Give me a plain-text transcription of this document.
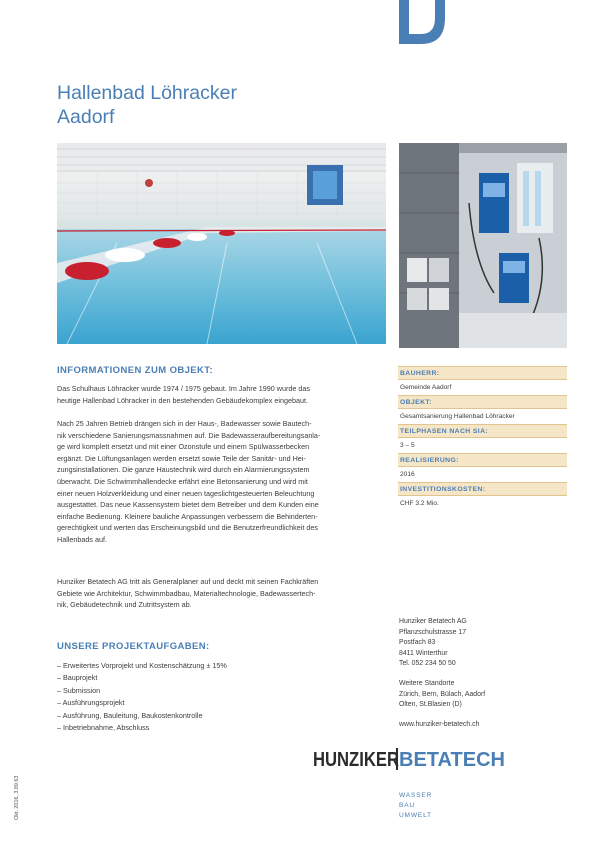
Hallenbad Löhracker
Aadorf
INFORMATIONEN ZUM OBJEKT:
Das Schulhaus Löhracker wurde 1974 / 1975 gebaut. Im Jahre 1990 wurde das
heutige Hallenbad Löhracker in den bestehenden Gebäudekomplex eingebaut.
Nach 25 Jahren Betrieb drängen sich in der Haus-, Badewasser sowie Bautech-
nik verschiedene Sanierungsmassnahmen auf. Die Badewasseraufbereitungsanla-
ge wird komplett ersetzt und mit einer Ozonstufe und einem Spülwasserbecken
ergänzt. Die Lüftungsanlagen werden ersetzt sowie Teile der Sanitär- und Hei-
zungsinstallationen. Die ganze Haustechnik wird durch ein Alarmierungssystem
überwacht. Die Schwimmhallendecke erfährt eine Betonsanierung und wird mit
einer neuen Holzverkleidung und einer neuen tageslichtgesteuerten Beleuchtung
ausgestattet. Das neue Kassensystem bietet dem Betreiber und dem Kunden eine
einfache Bedienung. Kleinere bauliche Anpassungen verbessern die Behinderten-
gerechtigkeit und werten das Erscheinungsbild und die Benutzerfreundlichkeit des
Hallenbads auf.
Hunziker Betatech AG tritt als Generalplaner auf und deckt mit seinen Fachkräften
Gebiete wie Architektur, Schwimmbadbau, Materialtechnologie, Badewassertech-
nik, Gebäudetechnik und Zutrittsystem ab.
UNSERE PROJEKTAUFGABEN:
– Erweitertes Vorprojekt und Kostenschätzung ± 15%
– Bauprojekt
– Submission
– Ausführungsprojekt
– Ausführung, Bauleitung, Baukostenkontrolle
– Inbetriebnahme, Abschluss
BAUHERR:
Gemeinde Aadorf
OBJEKT:
Gesamtsanierung Hallenbad Löhracker
TEILPHASEN NACH SIA:
3 – 5
REALISIERUNG:
2016
INVESTITIONSKOSTEN:
CHF 3.2 Mio.
Hunziker Betatech AG
Pflanzschulstrasse 17
Postfach 83
8411 Winterthur
Tel. 052 234 50 50
Weitere Standorte
Zürich, Bern, Bülach, Aadorf
Olten, St.Blasien (D)
www.hunziker-betatech.ch
HUNZIKER BETATECH
WASSER
BAU
UMWELT
Okt. 2016, 3.89.63
